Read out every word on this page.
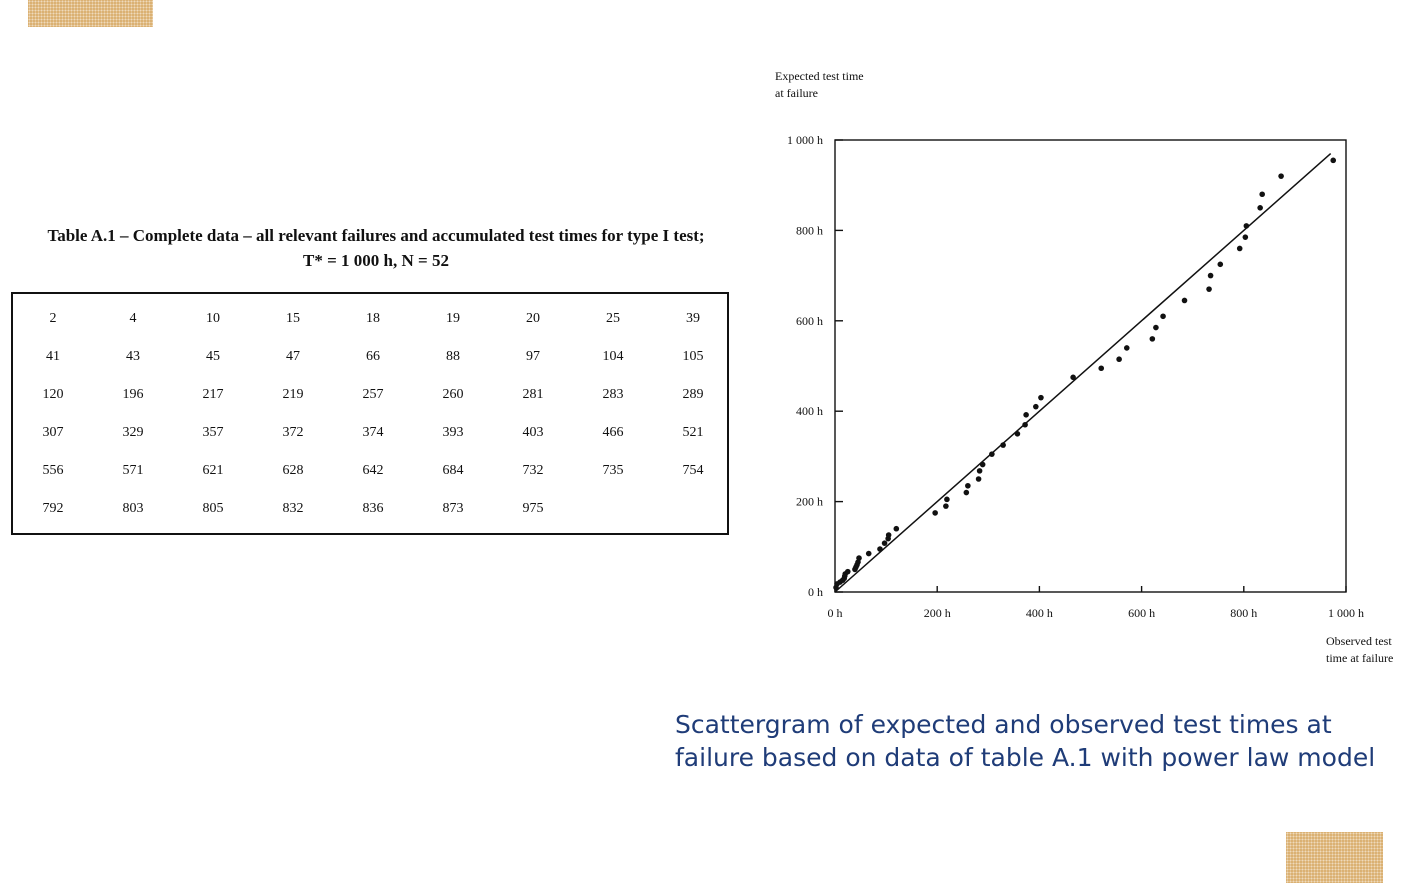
Table A.1 – Complete data – all relevant failures and accumulated test times for type I test;
T* = 1 000 h, N = 52
2	4	10	15	18	19	20	25	39
41	43	45	47	66	88	97	104	105
120	196	217	219	257	260	281	283	289
307	329	357	372	374	393	403	466	521
556	571	621	628	642	684	732	735	754
792	803	805	832	836	873	975		
0 h
200 h
400 h
600 h
800 h
1 000 h
0 h	200 h	400 h	600 h	800 h	1 000 h
Expected test time
at failure
Observed test
time at failure
Scattergram of expected and observed test times at
failure based on data of table A.1 with power law model
